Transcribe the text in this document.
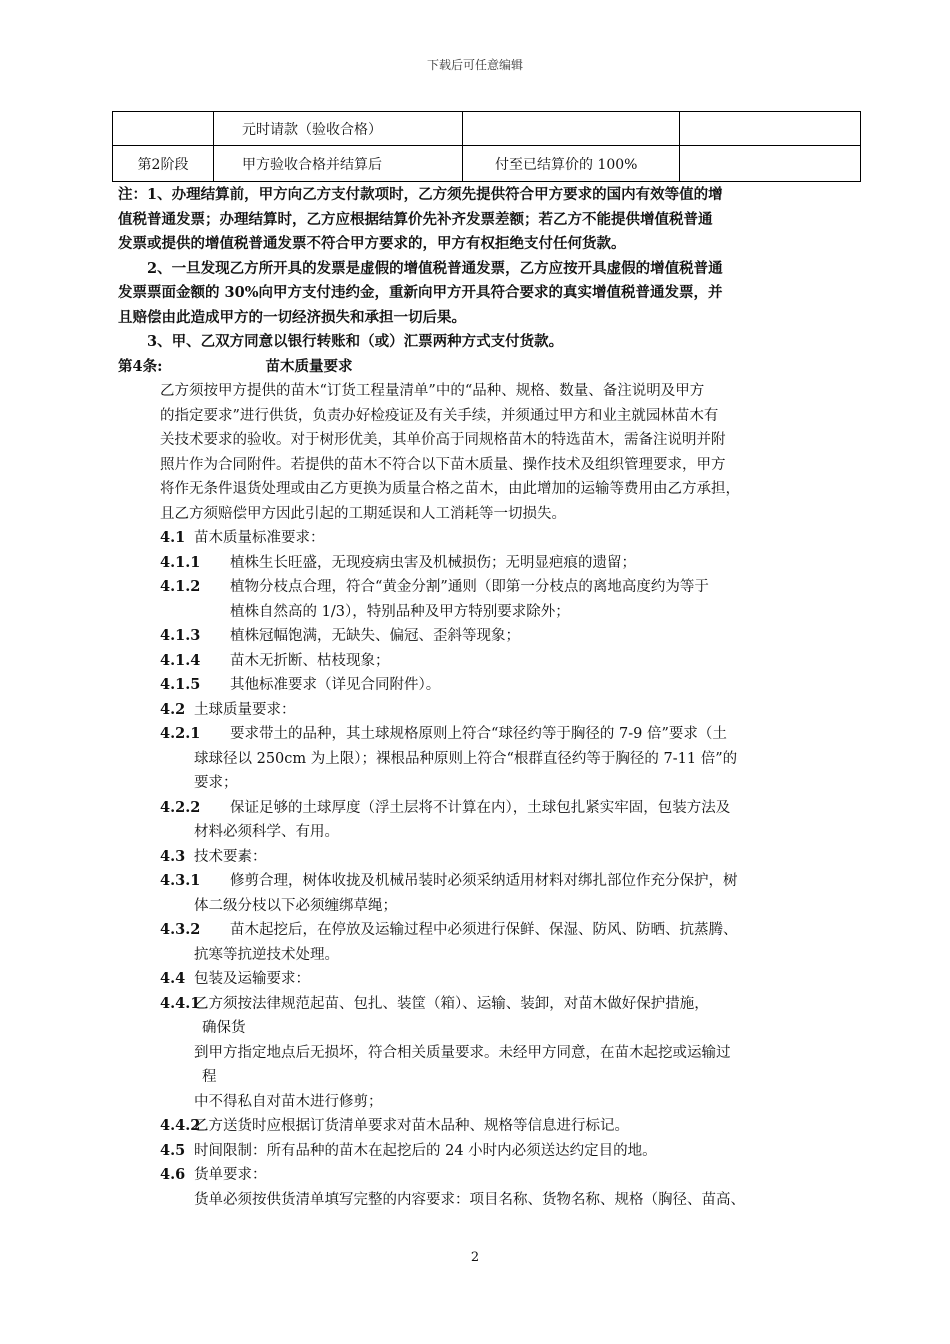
下载后可任意编辑
	元时请款（验收合格）		
第2阶段	甲方验收合格并结算后	付至已结算价的 100%	

注：1、办理结算前，甲方向乙方支付款项时，乙方须先提供符合甲方要求的国内有效等值的增

值税普通发票；办理结算时，乙方应根据结算价先补齐发票差额；若乙方不能提供增值税普通

发票或提供的增值税普通发票不符合甲方要求的，甲方有权拒绝支付任何货款。

2、一旦发现乙方所开具的发票是虚假的增值税普通发票，乙方应按开具虚假的增值税普通

发票票面金额的 30%向甲方支付违约金，重新向甲方开具符合要求的真实增值税普通发票，并

且赔偿由此造成甲方的一切经济损失和承担一切后果。

3、甲、乙双方同意以银行转账和（或）汇票两种方式支付货款。

第4条:	苗木质量要求

乙方须按甲方提供的苗木“订货工程量清单”中的“品种、规格、数量、备注说明及甲方

的指定要求”进行供货，负责办好检疫证及有关手续，并须通过甲方和业主就园林苗木有

关技术要求的验收。对于树形优美，其单价高于同规格苗木的特选苗木，需备注说明并附

照片作为合同附件。若提供的苗木不符合以下苗木质量、操作技术及组织管理要求，甲方

将作无条件退货处理或由乙方更换为质量合格之苗木，由此增加的运输等费用由乙方承担，

且乙方须赔偿甲方因此引起的工期延误和人工消耗等一切损失。

4.1 苗木质量标准要求：

4.1.1 植株生长旺盛，无现疫病虫害及机械损伤；无明显疤痕的遗留；

4.1.2 植物分枝点合理，符合“黄金分割”通则（即第一分枝点的离地高度约为等于

植株自然高的 1/3），特别品种及甲方特别要求除外；

4.1.3 植株冠幅饱满，无缺失、偏冠、歪斜等现象；

4.1.4 苗木无折断、枯枝现象；

4.1.5 其他标准要求（详见合同附件）。

4.2 土球质量要求：

4.2.1 要求带土的品种，其土球规格原则上符合“球径约等于胸径的 7-9 倍”要求（土

球球径以 250cm 为上限）；裸根品种原则上符合“根群直径约等于胸径的 7-11 倍”的

要求；

4.2.2 保证足够的土球厚度（浮土层将不计算在内），土球包扎紧实牢固，包装方法及

材料必须科学、有用。

4.3 技术要素：

4.3.1 修剪合理，树体收拢及机械吊装时必须采纳适用材料对绑扎部位作充分保护，树

体二级分枝以下必须缠绑草绳；

4.3.2 苗木起挖后，在停放及运输过程中必须进行保鲜、保湿、防风、防晒、抗蒸腾、

抗寒等抗逆技术处理。

4.4 包装及运输要求：

4.4.1
乙方须按法律规范起苗、包扎、装筐（箱）、运输、装卸，对苗木做好保护措施，

确保货

到甲方指定地点后无损坏，符合相关质量要求。未经甲方同意，在苗木起挖或运输过

程

中不得私自对苗木进行修剪；

4.4.2
乙方送货时应根据订货清单要求对苗木品种、规格等信息进行标记。

4.5 时间限制：所有品种的苗木在起挖后的 24 小时内必须送达约定目的地。

4.6 货单要求：

货单必须按供货清单填写完整的内容要求：项目名称、货物名称、规格（胸径、苗高、

2
